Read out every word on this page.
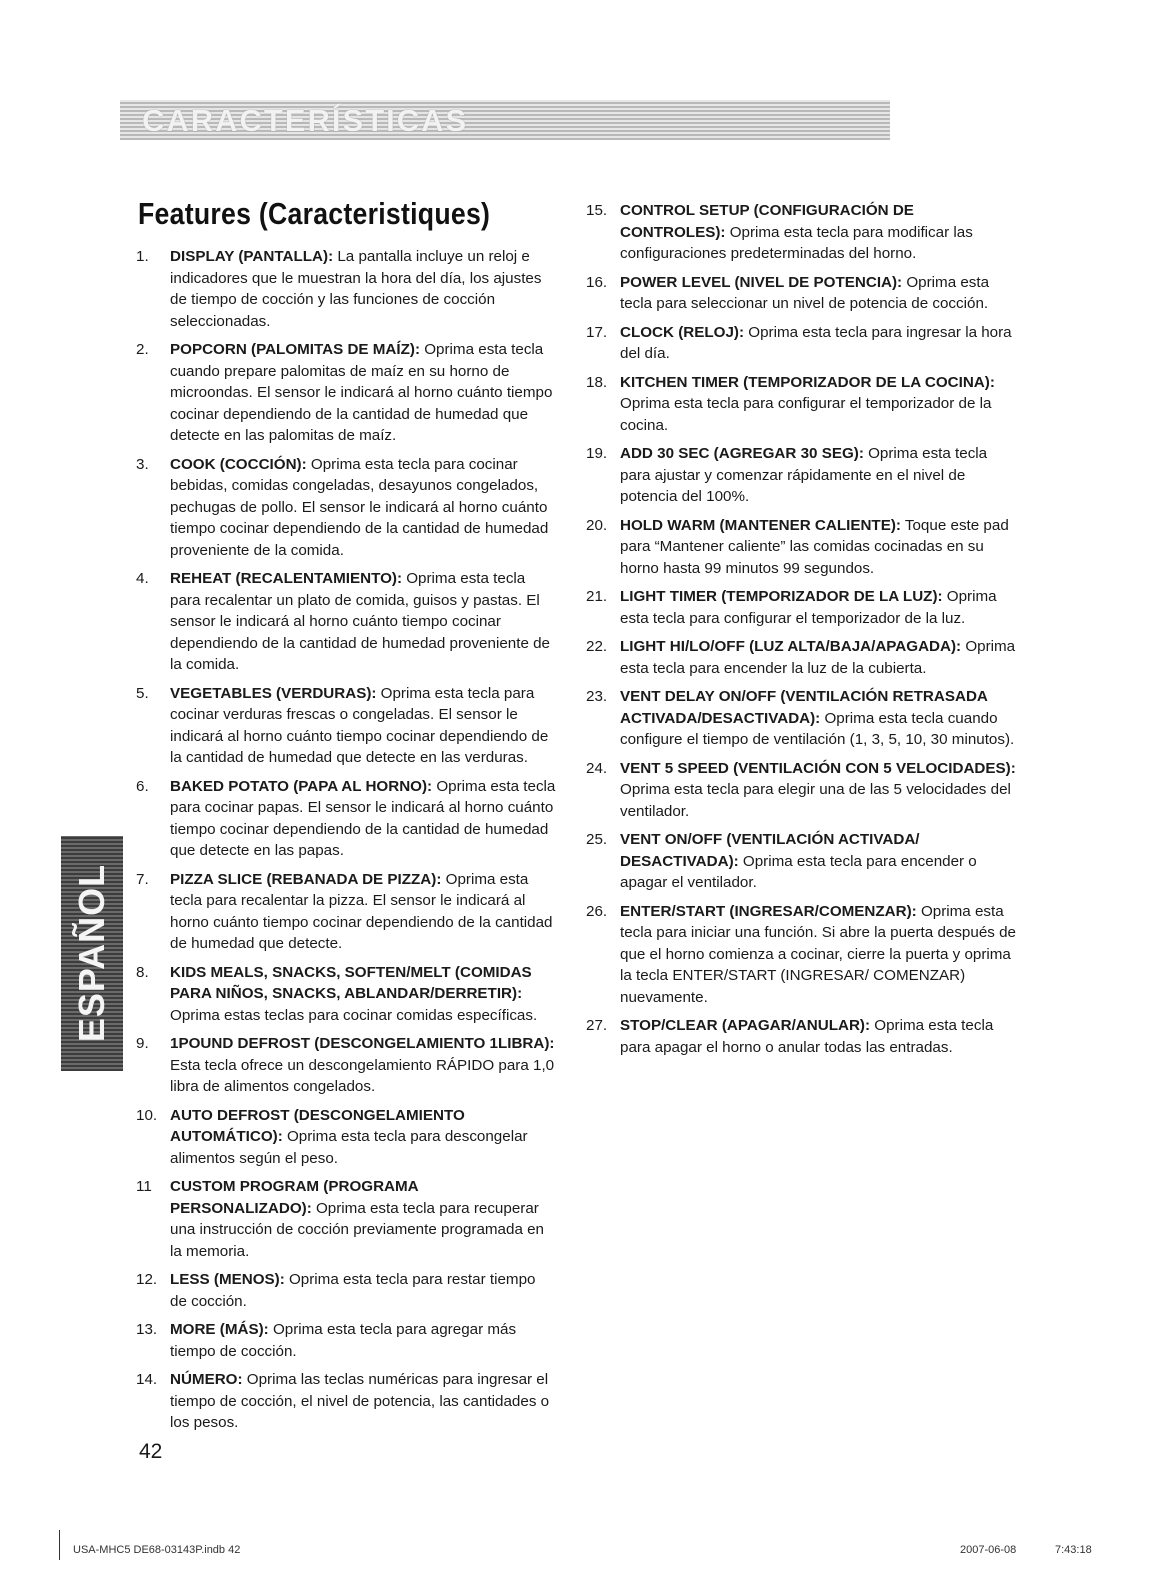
CARACTERÍSTICAS
Features (Caracteristiques)
1. DISPLAY (PANTALLA): La pantalla incluye un reloj e indicadores que le muestran la hora del día, los ajustes de tiempo de cocción y las funciones de cocción seleccionadas.
2. POPCORN (PALOMITAS DE MAÍZ): Oprima esta tecla cuando prepare palomitas de maíz en su horno de microondas. El sensor le indicará al horno cuánto tiempo cocinar dependiendo de la cantidad de humedad que detecte en las palomitas de maíz.
3. COOK (COCCIÓN): Oprima esta tecla para cocinar bebidas, comidas congeladas, desayunos congelados, pechugas de pollo. El sensor le indicará al horno cuánto tiempo cocinar dependiendo de la cantidad de humedad proveniente de la comida.
4. REHEAT (RECALENTAMIENTO): Oprima esta tecla para recalentar un plato de comida, guisos y pastas. El sensor le indicará al horno cuánto tiempo cocinar dependiendo de la cantidad de humedad proveniente de la comida.
5. VEGETABLES (VERDURAS): Oprima esta tecla para cocinar verduras frescas o congeladas. El sensor le indicará al horno cuánto tiempo cocinar dependiendo de la cantidad de humedad que detecte en las verduras.
6. BAKED POTATO (PAPA AL HORNO): Oprima esta tecla para cocinar papas. El sensor le indicará al horno cuánto tiempo cocinar dependiendo de la cantidad de humedad que detecte en las papas.
7. PIZZA SLICE (REBANADA DE PIZZA): Oprima esta tecla para recalentar la pizza. El sensor le indicará al horno cuánto tiempo cocinar dependiendo de la cantidad de humedad que detecte.
8. KIDS MEALS, SNACKS, SOFTEN/MELT (COMIDAS PARA NIÑOS, SNACKS, ABLANDAR/DERRETIR): Oprima estas teclas para cocinar comidas específicas.
9. 1POUND DEFROST (DESCONGELAMIENTO 1LIBRA): Esta tecla ofrece un descongelamiento RÁPIDO para 1,0 libra de alimentos congelados.
10. AUTO DEFROST (DESCONGELAMIENTO AUTOMÁTICO): Oprima esta tecla para descongelar alimentos según el peso.
11 CUSTOM PROGRAM (PROGRAMA PERSONALIZADO): Oprima esta tecla para recuperar una instrucción de cocción previamente programada en la memoria.
12. LESS (MENOS): Oprima esta tecla para restar tiempo de cocción.
13. MORE (MÁS): Oprima esta tecla para agregar más tiempo de cocción.
14. NÚMERO: Oprima las teclas numéricas para ingresar el tiempo de cocción, el nivel de potencia, las cantidades o los pesos.
15. CONTROL SETUP (CONFIGURACIÓN DE CONTROLES): Oprima esta tecla para modificar las configuraciones predeterminadas del horno.
16. POWER LEVEL (NIVEL DE POTENCIA): Oprima esta tecla para seleccionar un nivel de potencia de cocción.
17. CLOCK (RELOJ): Oprima esta tecla para ingresar la hora del día.
18. KITCHEN TIMER (TEMPORIZADOR DE LA COCINA): Oprima esta tecla para configurar el temporizador de la cocina.
19. ADD 30 SEC (AGREGAR 30 SEG): Oprima esta tecla para ajustar y comenzar rápidamente en el nivel de potencia del 100%.
20. HOLD WARM (MANTENER CALIENTE): Toque este pad para “Mantener caliente” las comidas cocinadas en su horno hasta 99 minutos 99 segundos.
21. LIGHT TIMER (TEMPORIZADOR DE LA LUZ): Oprima esta tecla para configurar el temporizador de la luz.
22. LIGHT HI/LO/OFF (LUZ ALTA/BAJA/APAGADA): Oprima esta tecla para encender la luz de la cubierta.
23. VENT DELAY ON/OFF (VENTILACIÓN RETRASADA ACTIVADA/DESACTIVADA): Oprima esta tecla cuando configure el tiempo de ventilación (1, 3, 5, 10, 30 minutos).
24. VENT 5 SPEED (VENTILACIÓN CON 5 VELOCIDADES): Oprima esta tecla para elegir una de las 5 velocidades del ventilador.
25. VENT ON/OFF (VENTILACIÓN ACTIVADA/ DESACTIVADA): Oprima esta tecla para encender o apagar el ventilador.
26. ENTER/START (INGRESAR/COMENZAR): Oprima esta tecla para iniciar una función. Si abre la puerta después de que el horno comienza a cocinar, cierre la puerta y oprima la tecla ENTER/START (INGRESAR/ COMENZAR) nuevamente.
27. STOP/CLEAR (APAGAR/ANULAR): Oprima esta tecla para apagar el horno o anular todas las entradas.
42
ESPAÑOL
USA-MHC5 DE68-03143P.indb 42	2007-06-08	7:43:18
